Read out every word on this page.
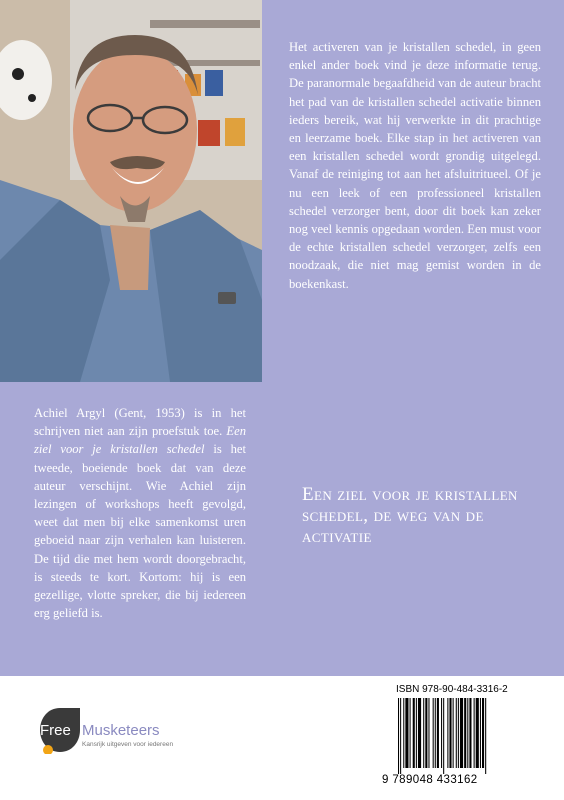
Het activeren van je kristallen schedel, in geen enkel ander boek vind je deze informatie terug. De paranormale begaafdheid van de auteur bracht het pad van de kristallen schedel activatie binnen ieders bereik, wat hij verwerkte in dit prachtige en leerzame boek. Elke stap in het activeren van een kristallen schedel wordt grondig uitgelegd. Vanaf de reiniging tot aan het afsluitritueel. Of je nu een leek of een professioneel kristallen schedel verzorger bent, door dit boek kan zeker nog veel kennis opgedaan worden. Een must voor de echte kristallen schedel verzorger, zelfs een noodzaak, die niet mag gemist worden in de boekenkast.

Achiel Argyl (Gent, 1953) is in het schrijven niet aan zijn proefstuk toe. Een ziel voor je kristallen schedel is het tweede, boeiende boek dat van deze auteur verschijnt. Wie Achiel zijn lezingen of workshops heeft gevolgd, weet dat men bij elke samenkomst uren geboeid naar zijn verhalen kan luisteren. De tijd die met hem wordt doorgebracht, is steeds te kort. Kortom: hij is een gezellige, vlotte spreker, die bij iedereen erg geliefd is.

Een ziel voor je kristallen schedel, de weg van de activatie

Free Musketeers
Kansrijk uitgeven voor iedereen
ISBN 978-90-484-3316-2
9 789048 433162
